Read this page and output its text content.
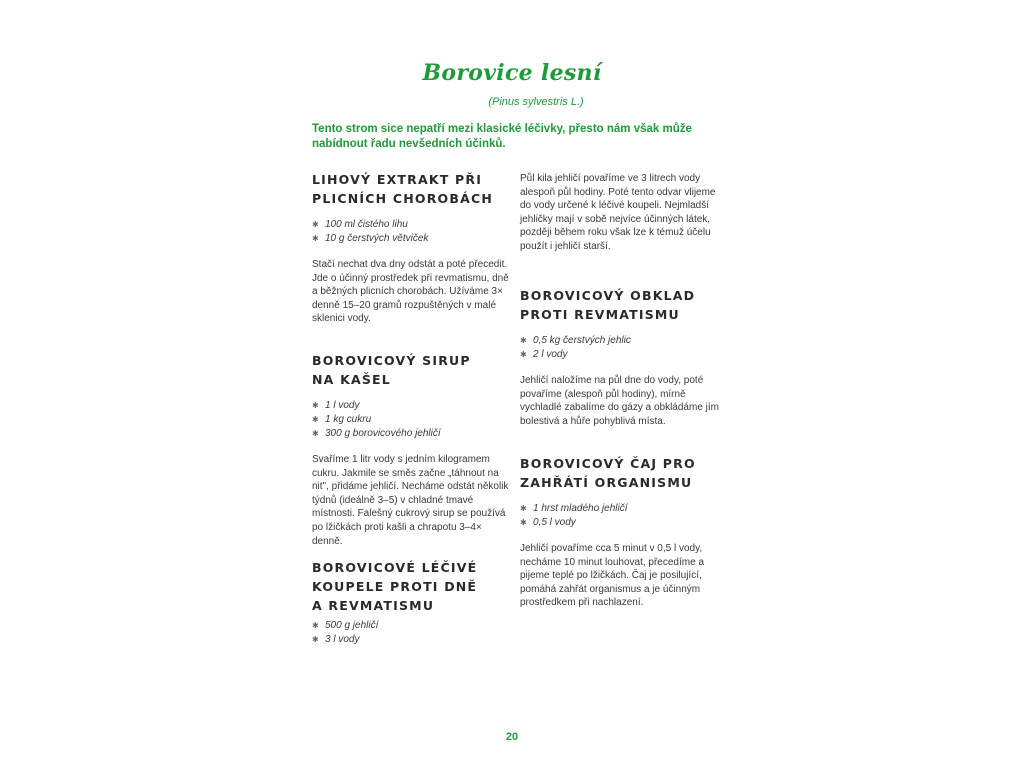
Borovice lesní
(Pinus sylvestris L.)
Tento strom sice nepatří mezi klasické léčivky, přesto nám však může nabídnout řadu nevšedních účinků.

LIHOVÝ EXTRAKT PŘI
PLICNÍCH CHOROBÁCH

✱ 100 ml čistého lihu
✱ 10 g čerstvých větviček

Stačí nechat dva dny odstát a poté přecedit. Jde o účinný prostředek při revmatismu, dně a běžných plicních chorobách. Užíváme 3× denně 15–20 gramů rozpuštěných v malé sklenici vody.

BOROVICOVÝ SIRUP
NA KAŠEL

✱ 1 l vody
✱ 1 kg cukru
✱ 300 g borovicového jehličí

Svaříme 1 litr vody s jedním kilogramem cukru. Jakmile se směs začne „táhnout na nit", přidáme jehličí. Necháme odstát několik týdnů (ideálně 3–5) v chladné tmavé místnosti. Falešný cukrový sirup se používá po lžičkách proti kašli a chrapotu 3–4× denně.

BOROVICOVÉ LÉČIVÉ
KOUPELE PROTI DNĚ
A REVMATISMU

✱ 500 g jehličí
✱ 3 l vody

Půl kila jehličí povaříme ve 3 litrech vody alespoň půl hodiny. Poté tento odvar vlijeme do vody určené k léčivé koupeli. Nejmladší jehličky mají v sobě nejvíce účinných látek, později během roku však lze k témuž účelu použít i jehličí starší.

BOROVICOVÝ OBKLAD
PROTI REVMATISMU

✱ 0,5 kg čerstvých jehlic
✱ 2 l vody

Jehličí naložíme na půl dne do vody, poté povaříme (alespoň půl hodiny), mírně vychladlé zabalíme do gázy a obkládáme jím bolestivá a hůře pohyblivá místa.

BOROVICOVÝ ČAJ PRO
ZAHŘÁTÍ ORGANISMU

✱ 1 hrst mladého jehličí
✱ 0,5 l vody

Jehličí povaříme cca 5 minut v 0,5 l vody, necháme 10 minut louhovat, přecedíme a pijeme teplé po lžičkách. Čaj je posilující, pomáhá zahřát organismus a je účinným prostředkem při nachlazení.

20
